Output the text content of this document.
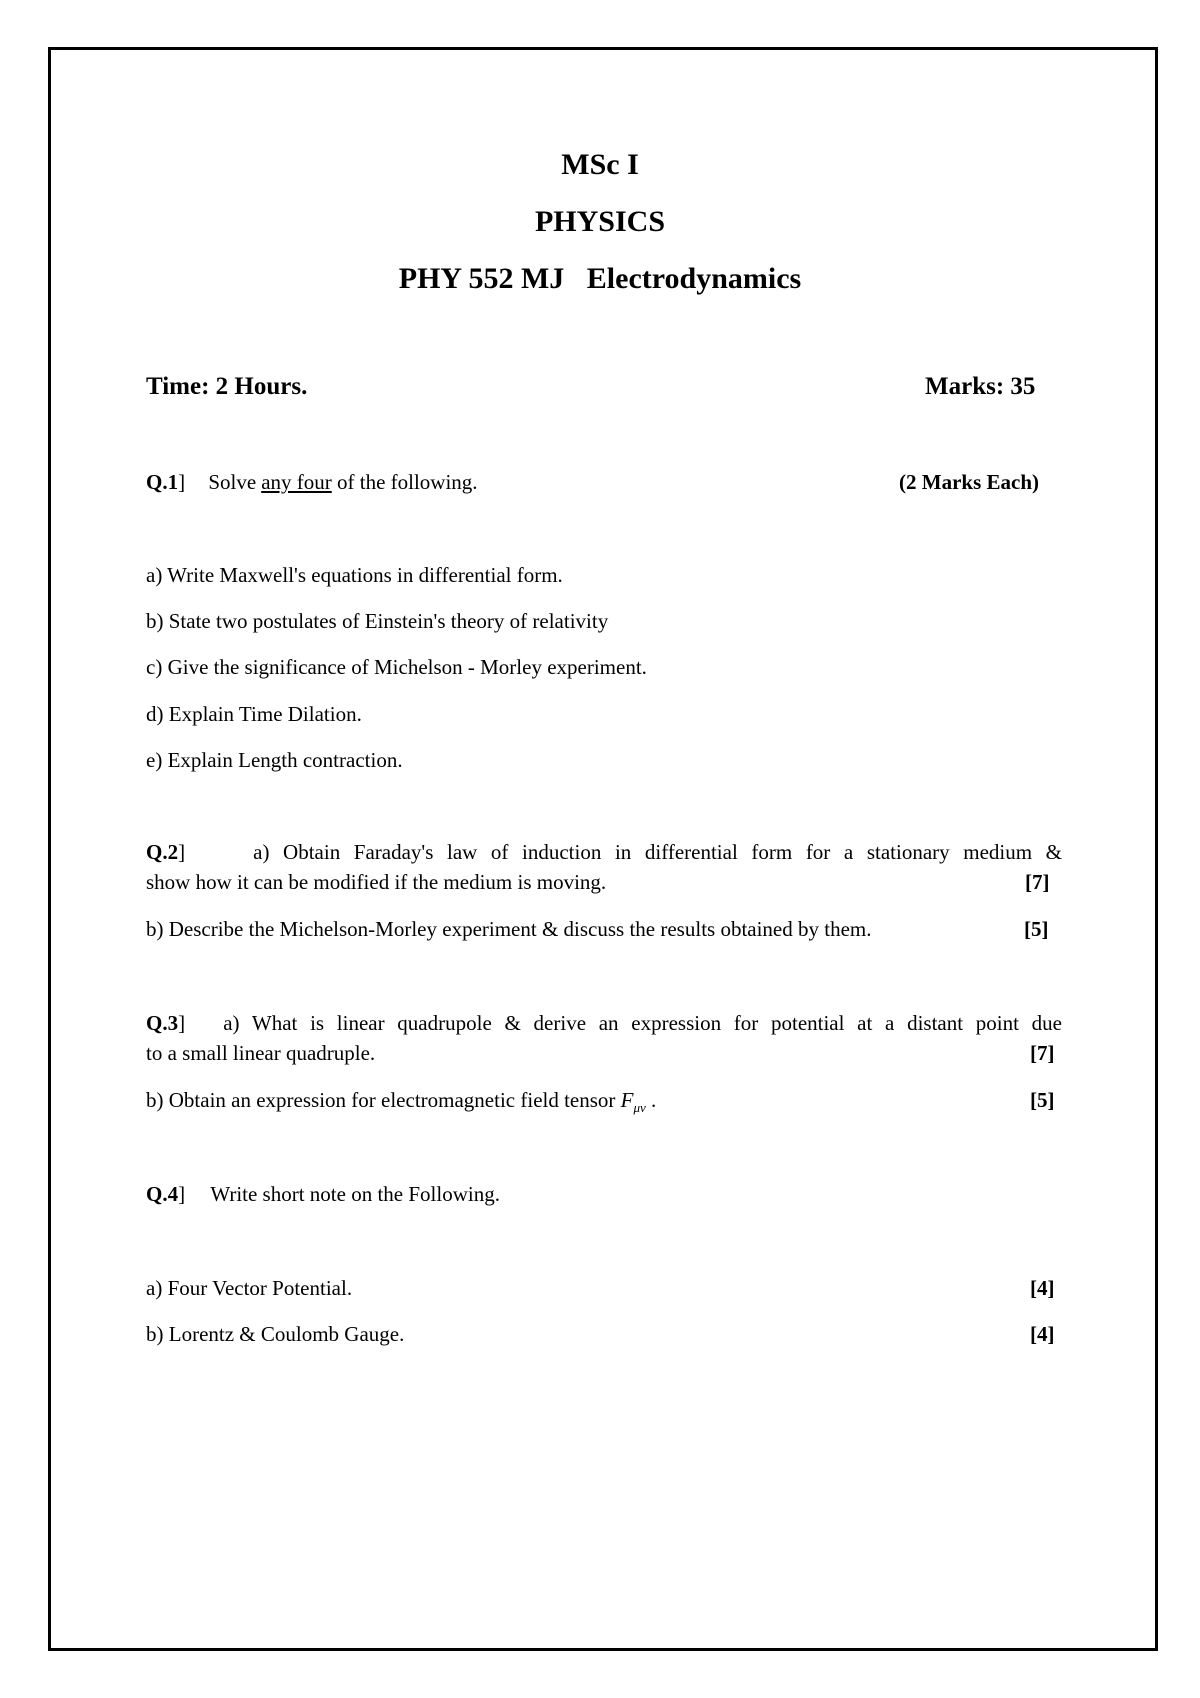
MSc I
PHYSICS
PHY 552 MJ   Electrodynamics
Time: 2 Hours.	Marks: 35
Q.1] Solve any four of the following.	(2 Marks Each)
a) Write Maxwell's equations in differential form.
b) State two postulates of Einstein's theory of relativity
c) Give the significance of Michelson - Morley experiment.
d) Explain Time Dilation.
e) Explain Length contraction.
Q.2]	a) Obtain Faraday's law of induction in differential form for a stationary medium &
show how it can be modified if the medium is moving.	[7]
b) Describe the Michelson-Morley experiment & discuss the results obtained by them.	[5]
Q.3] a) What is linear quadrupole & derive an expression for potential at a distant point due
to a small linear quadruple.	[7]
b) Obtain an expression for electromagnetic field tensor $F_{\mu\nu}$ .	[5]
Q.4] Write short note on the Following.
a) Four Vector Potential.	[4]
b) Lorentz & Coulomb Gauge.	[4]
